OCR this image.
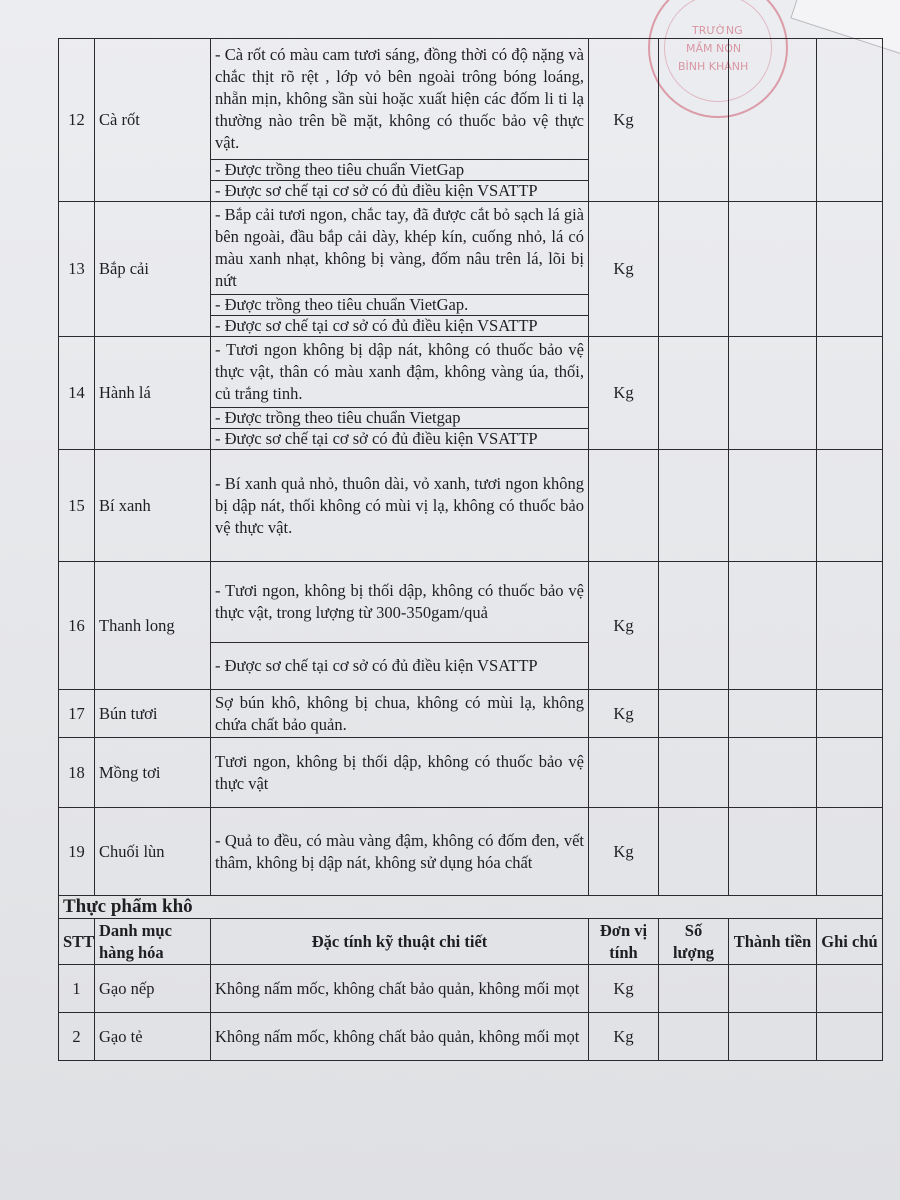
TRƯỜNG
MẦM NON
BÌNH KHÁNH
12	Cà rốt	- Cà rốt có màu cam tươi sáng, đồng thời có độ nặng và chắc thịt rõ rệt , lớp vỏ bên ngoài trông bóng loáng, nhẵn mịn, không sần sùi hoặc xuất hiện các đốm li ti lạ thường nào trên bề mặt, không có thuốc bảo vệ thực vật.	Kg			
		- Được trồng theo tiêu chuẩn VietGap				
		- Được sơ chế tại cơ sở có đủ điều kiện VSATTP				
13	Bắp cải	- Bắp cải tươi ngon, chắc tay, đã được cắt bỏ sạch lá già bên ngoài, đầu bắp cải dày, khép kín, cuống nhỏ, lá có màu xanh nhạt, không bị vàng, đốm nâu trên lá, lõi bị nứt	Kg			
		- Được trồng theo tiêu chuẩn VietGap.				
		- Được sơ chế tại cơ sở có đủ điều kiện VSATTP				
14	Hành lá	- Tươi ngon không bị dập nát, không có thuốc bảo vệ thực vật, thân có màu xanh đậm, không vàng úa, thối, củ trắng tinh.	Kg			
		- Được trồng theo tiêu chuẩn Vietgap				
		- Được sơ chế tại cơ sở có đủ điều kiện VSATTP				
15	Bí xanh	- Bí xanh quả nhỏ, thuôn dài, vỏ xanh, tươi ngon không bị dập nát, thối không có mùi vị lạ, không có thuốc bảo vệ thực vật.				
16	Thanh long	- Tươi ngon, không bị thối dập, không có thuốc bảo vệ thực vật, trong lượng từ 300-350gam/quả	Kg			
		- Được sơ chế tại cơ sở có đủ điều kiện VSATTP				
17	Bún tươi	Sợ bún khô, không bị chua, không có mùi lạ, không chứa chất bảo quản.	Kg			
18	Mồng tơi	Tươi ngon, không bị thối dập, không có thuốc bảo vệ thực vật				
19	Chuối lùn	- Quả to đều, có màu vàng đậm, không có đốm đen, vết thâm, không bị dập nát, không sử dụng hóa chất	Kg			
Thực phẩm khô						
STT	Danh mục hàng hóa	Đặc tính kỹ thuật chi tiết	Đơn vị tính	Số lượng	Thành tiền	Ghi chú
1	Gạo nếp	Không nấm mốc, không chất bảo quản, không mối mọt	Kg			
2	Gạo tẻ	Không nấm mốc, không chất bảo quản, không mối mọt	Kg			
